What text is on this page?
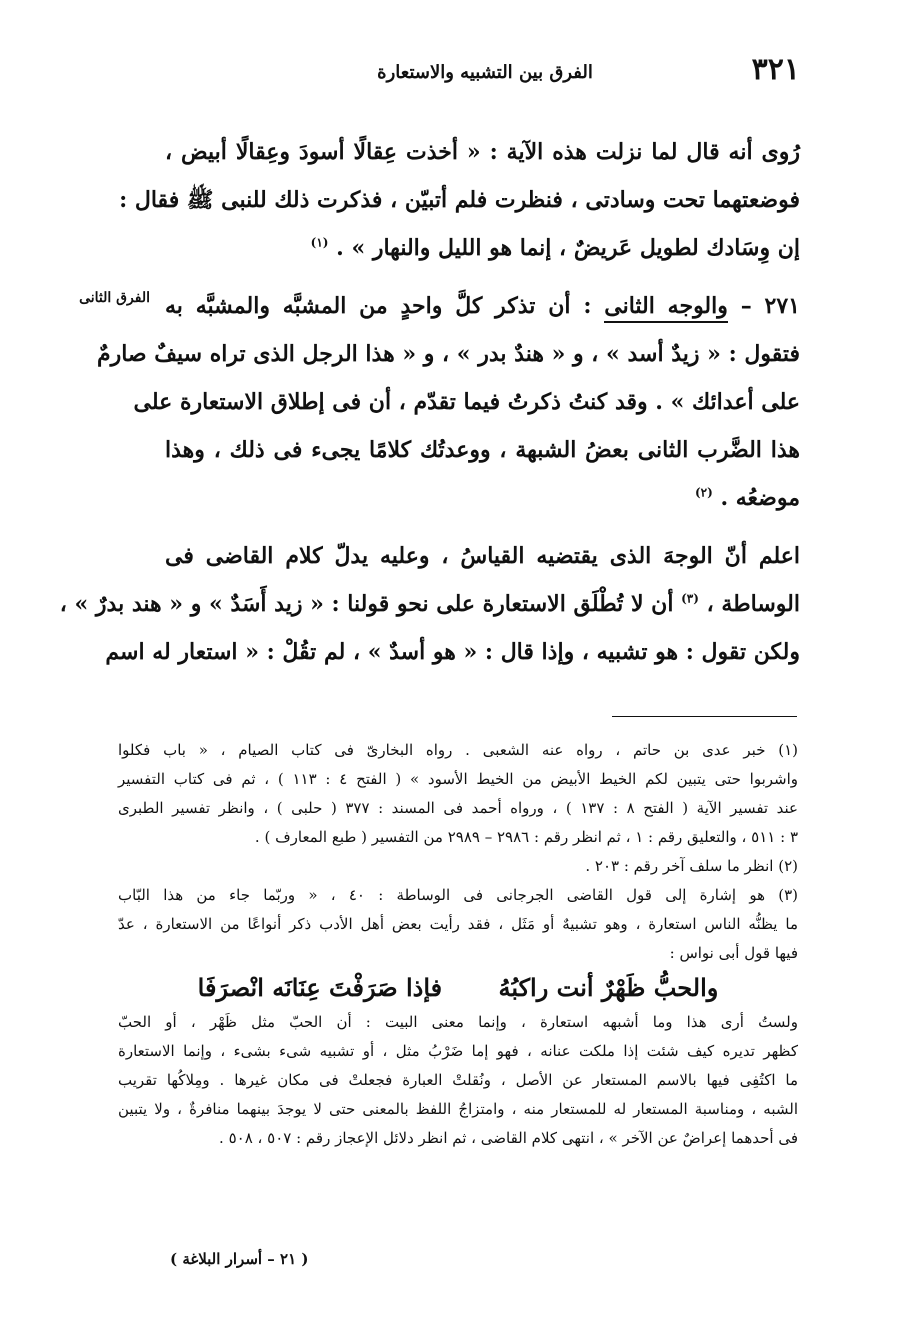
٣٢١
الفرق بين التشبيه والاستعارة
رُوى أنه قال لما نزلت هذه الآية : « أخذت عِقالًا أسودَ وعِقالًا أبيض ،
فوضعتهما تحت وسادتى ، فنظرت فلم أتبيّن ، فذكرت ذلك للنبى ﷺ فقال :
إن وِسَادك لطويل عَريضٌ ، إنما هو الليل والنهار » . $^{(١)}$
الفرق الثانى	٢٧١ – والوجه الثانى : أن تذكر كلَّ واحدٍ من المشبَّه والمشبَّه به
فتقول : « زيدٌ أسد » ، و « هندٌ بدر » ، و « هذا الرجل الذى تراه سيفٌ صارمٌ
على أعدائك » . وقد كنتُ ذكرتُ فيما تقدّم ، أن فى إطلاق الاستعارة على
هذا الضَّرب الثانى بعضُ الشبهة ، ووعدتُك كلامًا يجىء فى ذلك ، وهذا
موضعُه . $^{(٢)}$
اعلم أنّ الوجهَ الذى يقتضيه القياسُ ، وعليه يدلّ كلام القاضى فى
الوساطة ، $^{(٣)}$ أن لا تُطْلَق الاستعارة على نحو قولنا : « زيد أَسَدٌ » و « هند بدرٌ » ،
ولكن تقول : هو تشبيه ، وإذا قال : « هو أسدٌ » ، لم تقُلْ : « استعار له اسم
(١) خبر عدى بن حاتم ، رواه عنه الشعبى . رواه البخارىّ فى كتاب الصيام ، « باب فكلوا
واشربوا حتى يتبين لكم الخيط الأبيض من الخيط الأسود » ( الفتح ٤ : ١١٣ ) ، ثم فى كتاب التفسير
عند تفسير الآية ( الفتح ٨ : ١٣٧ ) ، ورواه أحمد فى المسند : ٣٧٧ ( حلبى ) ، وانظر تفسير الطبرى
٣ : ٥١١ ، والتعليق رقم : ١ ، ثم انظر رقم : ٢٩٨٦ – ٢٩٨٩ من التفسير ( طبع المعارف ) .
(٢) انظر ما سلف آخر رقم : ٢٠٣ .
(٣) هو إشارة إلى قول القاضى الجرجانى فى الوساطة : ٤٠ ، « وربّما جاء من هذا البّاب
ما يظنُّه الناس استعارة ، وهو تشبيهٌ أو مَثَل ، فقد رأيت بعض أهل الأدب ذكر أنواعًا من الاستعارة ، عدّ
فيها قول أبى نواس :
والحبُّ ظَهْرٌ أنت راكبُهُ فإذا صَرَفْتَ عِنَانَه انْصرَفَا
ولستُ أرى هذا وما أشبهه استعارة ، وإنما معنى البيت : أن الحبّ مثل ظَهْر ، أو الحبّ
كظهر تديره كيف شئت إذا ملكت عنانه ، فهو إما ضَرْبُ مثل ، أو تشبيه شىء بشىء ، وإنما الاستعارة
ما اكتُفِى فيها بالاسم المستعار عن الأصل ، ونُقلتْ العبارة فجعلتْ فى مكان غيرها . ومِلاكُها تقريب
الشبه ، ومناسبة المستعار له للمستعار منه ، وامتزاجُ اللفظ بالمعنى حتى لا يوجدَ بينهما منافرةٌ ، ولا يتبين
فى أحدهما إعراضٌ عن الآخر » ، انتهى كلام القاضى ، ثم انظر دلائل الإعجاز رقم : ٥٠٧ ، ٥٠٨ .
( ٢١ – أسرار البلاغة )
